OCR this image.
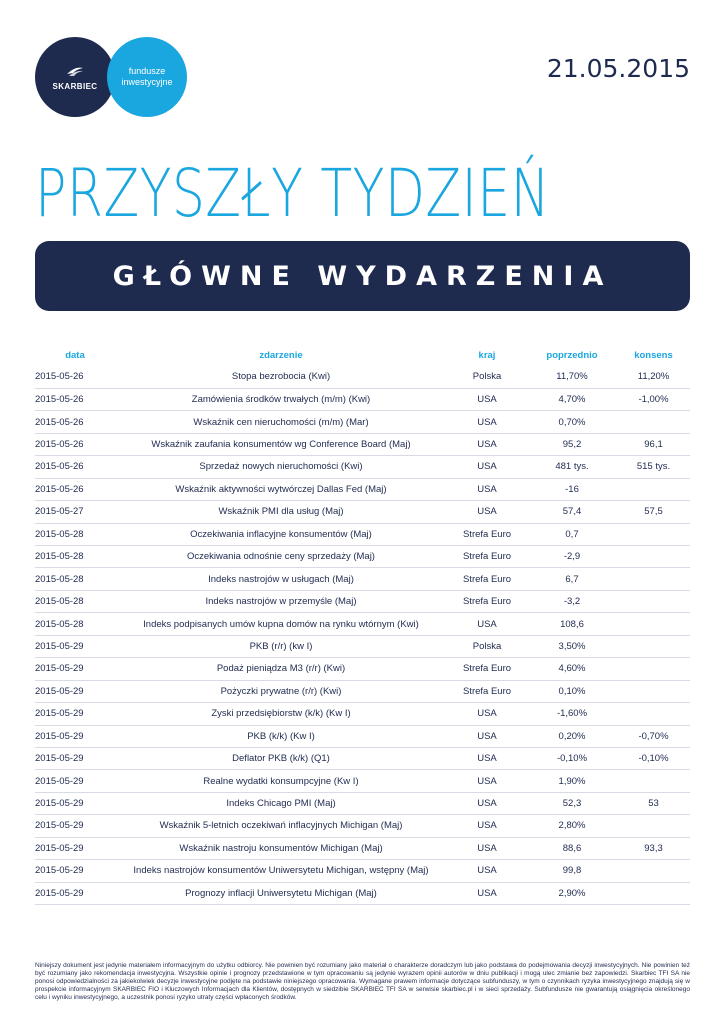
SKARBIEC
fundusze
inwestycyjne	21.05.2015
PRZYSZŁY TYDZIEŃ
GŁÓWNE WYDARZENIA
data	zdarzenie	kraj	poprzednio	konsens
2015-05-26	Stopa bezrobocia (Kwi)	Polska	11,70%	11,20%
2015-05-26	Zamówienia środków trwałych (m/m) (Kwi)	USA	4,70%	-1,00%
2015-05-26	Wskaźnik cen nieruchomości (m/m) (Mar)	USA	0,70%	
2015-05-26	Wskaźnik zaufania konsumentów wg Conference Board (Maj)	USA	95,2	96,1
2015-05-26	Sprzedaż nowych nieruchomości (Kwi)	USA	481 tys.	515 tys.
2015-05-26	Wskaźnik aktywności wytwórczej Dallas Fed (Maj)	USA	-16	
2015-05-27	Wskaźnik PMI dla usług (Maj)	USA	57,4	57,5
2015-05-28	Oczekiwania inflacyjne konsumentów (Maj)	Strefa Euro	0,7	
2015-05-28	Oczekiwania odnośnie ceny sprzedaży (Maj)	Strefa Euro	-2,9	
2015-05-28	Indeks nastrojów w usługach (Maj)	Strefa Euro	6,7	
2015-05-28	Indeks nastrojów w przemyśle (Maj)	Strefa Euro	-3,2	
2015-05-28	Indeks podpisanych umów kupna domów na rynku wtórnym (Kwi)	USA	108,6	
2015-05-29	PKB (r/r) (kw I)	Polska	3,50%	
2015-05-29	Podaż pieniądza M3 (r/r) (Kwi)	Strefa Euro	4,60%	
2015-05-29	Pożyczki prywatne (r/r) (Kwi)	Strefa Euro	0,10%	
2015-05-29	Zyski przedsiębiorstw (k/k) (Kw I)	USA	-1,60%	
2015-05-29	PKB (k/k) (Kw I)	USA	0,20%	-0,70%
2015-05-29	Deflator PKB (k/k) (Q1)	USA	-0,10%	-0,10%
2015-05-29	Realne wydatki konsumpcyjne (Kw I)	USA	1,90%	
2015-05-29	Indeks Chicago PMI (Maj)	USA	52,3	53
2015-05-29	Wskaźnik 5-letnich oczekiwań inflacyjnych Michigan (Maj)	USA	2,80%	
2015-05-29	Wskaźnik nastroju konsumentów Michigan (Maj)	USA	88,6	93,3
2015-05-29	Indeks nastrojów konsumentów Uniwersytetu Michigan, wstępny (Maj)	USA	99,8	
2015-05-29	Prognozy inflacji Uniwersytetu Michigan (Maj)	USA	2,90%	
Niniejszy dokument jest jedynie materiałem informacyjnym do użytku odbiorcy. Nie powinien być rozumiany jako materiał o charakterze doradczym lub jako podstawa do podejmowania decyzji inwestycyjnych. Nie powinien też być rozumiany jako rekomendacja inwestycyjna. Wszystkie opinie i prognozy przedstawione w tym opracowaniu są jedynie wyrazem opinii autorów w dniu publikacji i mogą ulec zmianie bez zapowiedzi. Skarbiec TFI SA nie ponosi odpowiedzialności za jakiekolwiek decyzje inwestycyjne podjęte na podstawie niniejszego opracowania. Wymagane prawem informacje dotyczące subfunduszy, w tym o czynnikach ryzyka inwestycyjnego znajdują się w prospekcie informacyjnym SKARBIEC FIO i Kluczowych Informacjach dla Klientów, dostępnych w siedzibie SKARBIEC TFI SA w serwisie skarbiec.pl i w sieci sprzedaży. Subfundusze nie gwarantują osiągnięcia określonego celu i wyniku inwestycyjnego, a uczestnik ponosi ryzyko utraty części wpłaconych środków.
